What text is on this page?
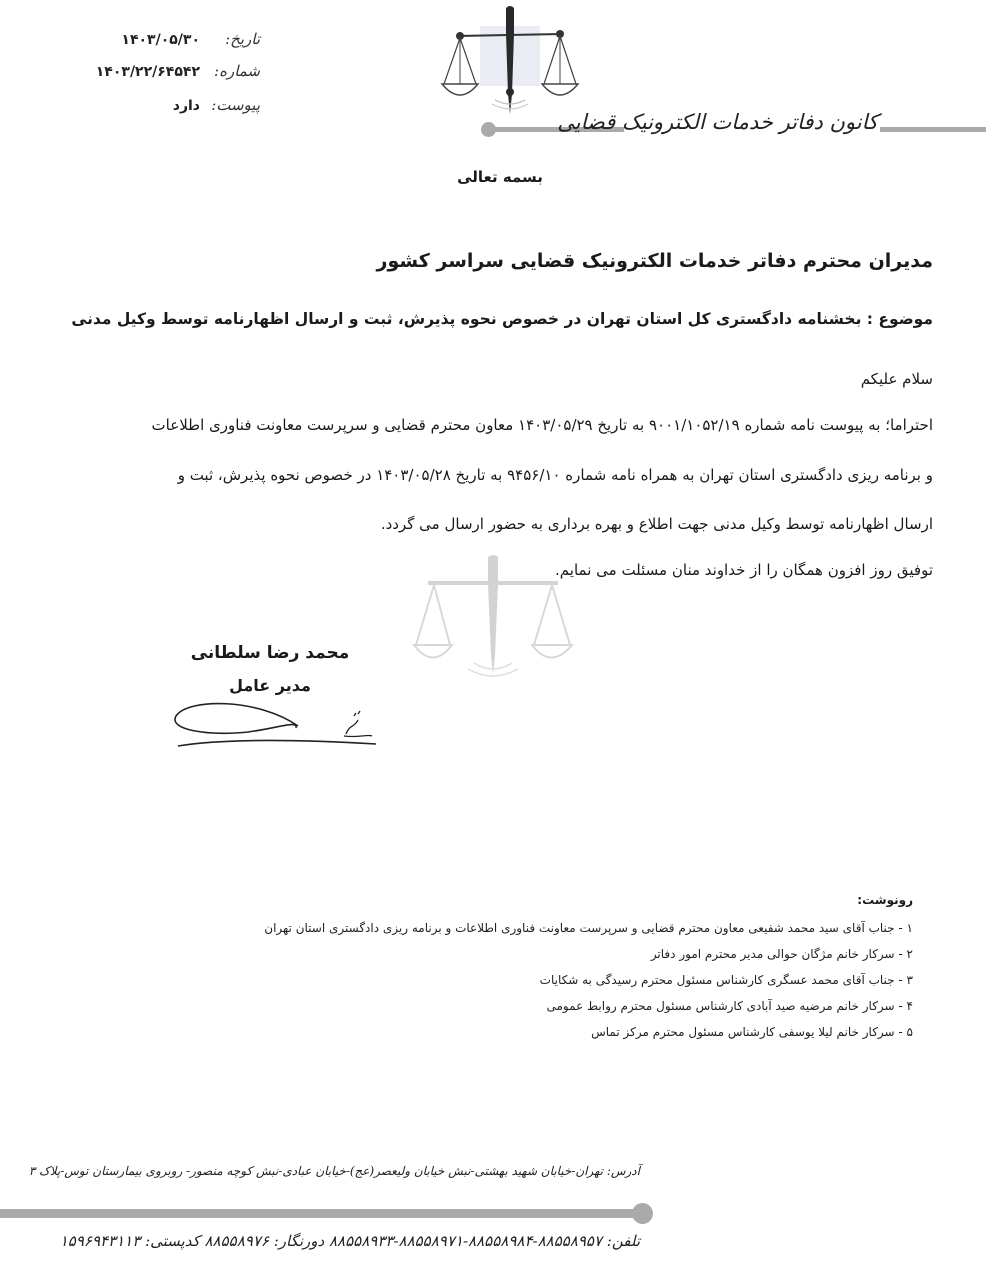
تاریخ:
۱۴۰۳/۰۵/۳۰
شماره:
۱۴۰۳/۲۲/۶۴۵۴۲
پیوست:
دارد
کانون دفاتر خدمات الکترونیک قضایی
بسمه تعالی
مدیران محترم دفاتر خدمات الکترونیک قضایی سراسر کشور
موضوع : بخشنامه دادگستری کل استان تهران در خصوص نحوه پذیرش، ثبت و ارسال اظهارنامه توسط وکیل مدنی
سلام علیکم
احتراما؛ به پیوست نامه شماره ۹۰۰۱/۱۰۵۲/۱۹ به تاریخ ۱۴۰۳/۰۵/۲۹ معاون محترم قضایی و سرپرست معاونت فناوری اطلاعات
و برنامه ریزی دادگستری استان تهران به همراه نامه شماره ۹۴۵۶/۱۰ به تاریخ ۱۴۰۳/۰۵/۲۸ در خصوص نحوه پذیرش، ثبت و
ارسال اظهارنامه توسط وکیل مدنی جهت اطلاع و بهره برداری به حضور ارسال می گردد.
توفیق روز افزون همگان را از خداوند منان مسئلت می نمایم.
محمد رضا سلطانی
مدیر عامل
رونوشت:
۱ - جناب آقای سید محمد شفیعی معاون محترم قضایی و سرپرست معاونت فناوری اطلاعات و برنامه ریزی دادگستری استان تهران
۲ - سرکار خانم مژگان حوالی مدیر محترم امور دفاتر
۳ - جناب آقای محمد عسگری کارشناس مسئول محترم رسیدگی به شکایات
۴ - سرکار خانم مرضیه صید آبادی کارشناس مسئول محترم روابط عمومی
۵ - سرکار خانم لیلا یوسفی کارشناس مسئول محترم مرکز تماس
آدرس: تهران-خیابان شهید بهشتی-نبش خیابان ولیعصر(عج)-خیابان عبادی-نبش کوچه منصور- روبروی بیمارستان توس-پلاک ۳
تلفن: ۸۸۵۵۸۹۵۷-۸۸۵۵۸۹۸۴-۸۸۵۵۸۹۷۱-۸۸۵۵۸۹۳۳ دورنگار: ۸۸۵۵۸۹۷۶ کدپستی: ۱۵۹۶۹۴۳۱۱۳
